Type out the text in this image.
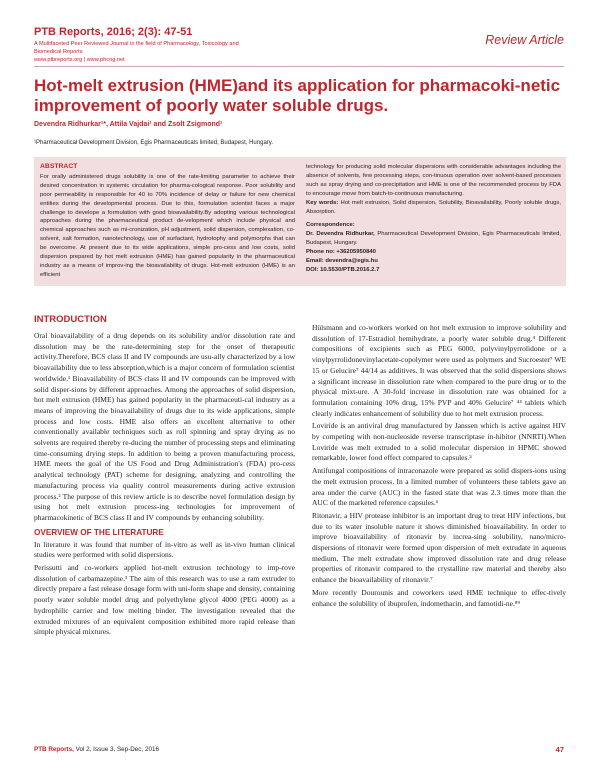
PTB Reports, 2016; 2(3): 47-51
A Multifaceted Peer Reviewed Journal in the field of Pharmacology, Toxicology and
Biomedical Reports
www.ptbreports.org | www.phcog.net
Review Article
Hot-melt extrusion (HME)and its application for pharmacoki-netic improvement of poorly water soluble drugs.
Devendra Ridhurkar¹*, Attila Vajdai¹ and Zsolt Zsigmond¹
¹Pharmaceutical Development Division, Egis Pharmaceuticals limited, Budapest, Hungary.
ABSTRACT
For orally administered drugs solubility is one of the rate-limiting parameter to achieve their desired concentration in systemic circulation for pharma-cological response. Poor solubility and poor permeability is responsible for 40 to 70% incidence of delay or failure for new chemical entities during the developmental process. Due to this, formulation scientist faces a major challenge to develope a formulation with good bioavailability.By adopting various technological approaches during the pharmaceutical product de-velopment which include physical and chemical approaches such as mi-cronization, pH adjustment, solid dispersion, complexation, co-solvent, salt formation, nanotechnology, use of surfactant, hydrotophy and polymorphs that can be overcome. At present due to its wide applications, simple pro-cess and low costs, solid dispersion prepared by hot melt extrusion (HME) has gained popularity in the pharmaceutical industry as a means of improv-ing the bioavailability of drugs. Hot-melt extrusion (HME) is an efficient
technology for producing solid molecular dispersions with considerable advantages including the absence of solvents, few processing steps, con-tinuous operation over solvent-based processes such as spray drying and co-precipitation and HME is one of the recommended process by FDA to encourage move from batch-to-continuous manufacturing.
Key words: Hot melt extrusion, Solid dispersion, Solubility, Bioavailability, Poorly soluble drugs, Absorption.
Correspondence:
Dr. Devendra Ridhurkar, Pharmaceutical Development Division, Egis Pharmaceuticals limited, Budapest, Hungary.
Phone no: +36205950840
Email: devendra@egis.hu
DOI: 10.5530/PTB.2016.2.7
INTRODUCTION

Oral bioavailability of a drug depends on its solubility and/or dissolution rate and dissolution may be the rate-determining step for the onset of therapeutic activity.Therefore, BCS class II and IV compounds are usu-ally characterized by a low bioavailability due to less absorption,which is a major concern of formulation scientist worldwide.¹ Bioavailability of BCS class II and IV compounds can be improved with solid disper-sions by different approaches. Among the approaches of solid dispersion, hot melt extrusion (HME) has gained popularity in the pharmaceuti-cal industry as a means of improving the bioavailability of drugs due to its wide applications, simple process and low costs. HME also offers an excellent alternative to other conventionally available techniques such as roll spinning and spray drying as no solvents are required thereby re-ducing the number of processing steps and eliminating time-consuming drying steps. In addition to being a proven manufacturing process, HME meets the goal of the US Food and Drug Administration's (FDA) pro-cess analytical technology (PAT) scheme for designing, analyzing and controlling the manufacturing process via quality control measurements during active extrusion process.² The purpose of this review article is to describe novel formulation design by using hot melt extrusion process-ing technologies for improvement of pharmacokinetic of BCS class II and IV compounds by enhancing solubility.

OVERVIEW OF THE LITERATURE

In literature it was found that number of in-vitro as well as in-vivo human clinical studies were performed with solid dispersions.

Perissutti and co-workers applied hot-melt extrusion technology to imp-rove dissolution of carbamazepine.³ The aim of this research was to use a ram extruder to directly prepare a fast release dosage form with uni-form shape and density, containing poorly water soluble model drug and polyethylene glycol 4000 (PEG 4000) as a hydrophilic carrier and low melting binder. The investigation revealed that the extruded mixtures of an equivalent composition exhibited more rapid release than simple physical mixtures.

Hülsmann and co-workers worked on hot melt extrusion to improve solubility and dissolution of 17-Estradiol hemihydrate, a poorly water soluble drug.⁴ Different compositions of excipients such as PEG 6000, polyvinylpyrrolidone or a vinylpyrrolidonevinylacetate-copolymer were used as polymers and Sucroester⁷ WE 15 or Gelucire⁷ 44/14 as additives. It was observed that the solid dispersions shows a significant increase in dissolution rate when compared to the pure drug or to the physical mixt-ure. A 30-fold increase in dissolution rate was obtained for a formulation containing 10% drug, 15% PVP and 40% Gelucire⁷ ⁴⁴ tablets which clearly indicates enhancement of solubility due to hot melt extrusion process.

Loviride is an antiviral drug manufactured by Janssen which is active against HIV by competing with non-nucleoside reverse transcriptase in-hibitor (NNRTI).When Loviride was melt extruded to a solid molecular dispersion in HPMC showed remarkable, lower food effect compared to capsules.⁵

Antifungal compositions of intraconazole were prepared as solid dispers-ions using the melt extrusion process. In a limited number of volunteers these tablets gave an area under the curve (AUC) in the fasted state that was 2.3 times more than the AUC of the marketed reference capsules.⁶

Ritonavir, a HIV protease inhibitor is an important drug to treat HIV infections, but due to its water insoluble nature it shows diminished bioavailability. In order to improve bioavailability of ritonavir by increa-sing solubility, nano/micro-dispersions of ritonavir were formed upon dispersion of melt extrudate in aqueous medium. The melt extrudate show improved dissolution rate and drug release properties of ritonavir compared to the crystalline raw material and thereby also enhance the bioavailability of ritonavir.⁷

More recently Dourounis and coworkers used HME technique to effec-tively enhance the solubility of ibuprofen, indomethacin, and famotidi-ne.⁸⁹

PTB Reports, Vol 2, Issue 3, Sep-Dec, 2016	47
